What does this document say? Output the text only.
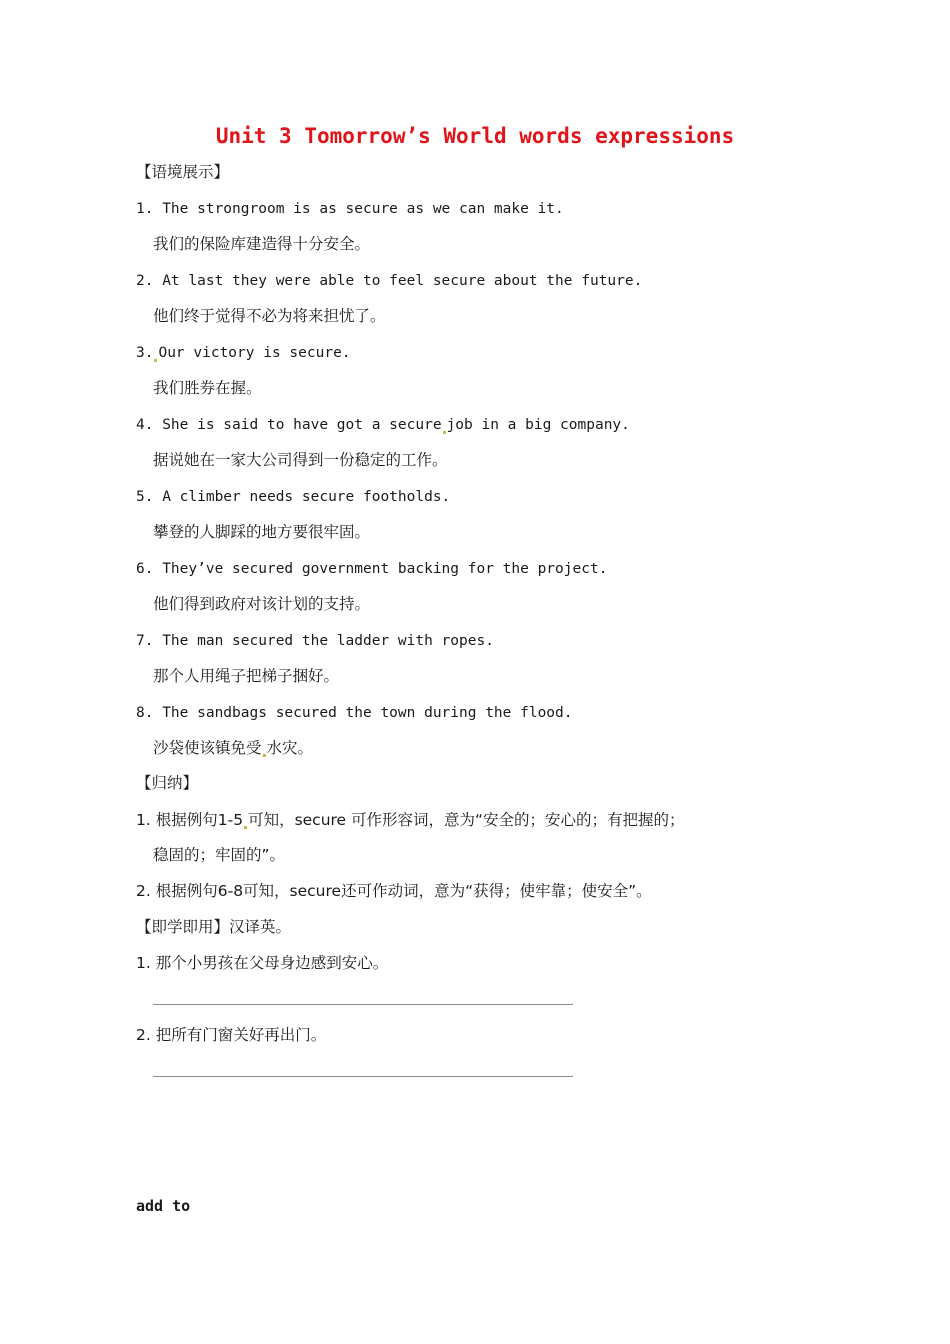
Unit 3 Tomorrow’s World words expressions
【语境展示】
1. The strongroom is as secure as we can make it.
我们的保险库建造得十分安全。
2. At last they were able to feel secure about the future.
他们终于觉得不必为将来担忧了。
3. Our victory is secure.
我们胜券在握。
4. She is said to have got a secure job in a big company.
据说她在一家大公司得到一份稳定的工作。
5. A climber needs secure footholds.
攀登的人脚踩的地方要很牢固。
6. They’ve secured government backing for the project.
他们得到政府对该计划的支持。
7. The man secured the ladder with ropes.
那个人用绳子把梯子捆好。
8. The sandbags secured the town during the flood.
沙袋使该镇免受 水灾。
【归纳】
1. 根据例句1-5 可知，secure 可作形容词，意为“安全的；安心的；有把握的；
稳固的；牢固的”。
2. 根据例句6-8可知，secure还可作动词，意为“获得；使牢靠；使安全”。
【即学即用】汉译英。
1. 那个小男孩在父母身边感到安心。
2. 把所有门窗关好再出门。
add to
